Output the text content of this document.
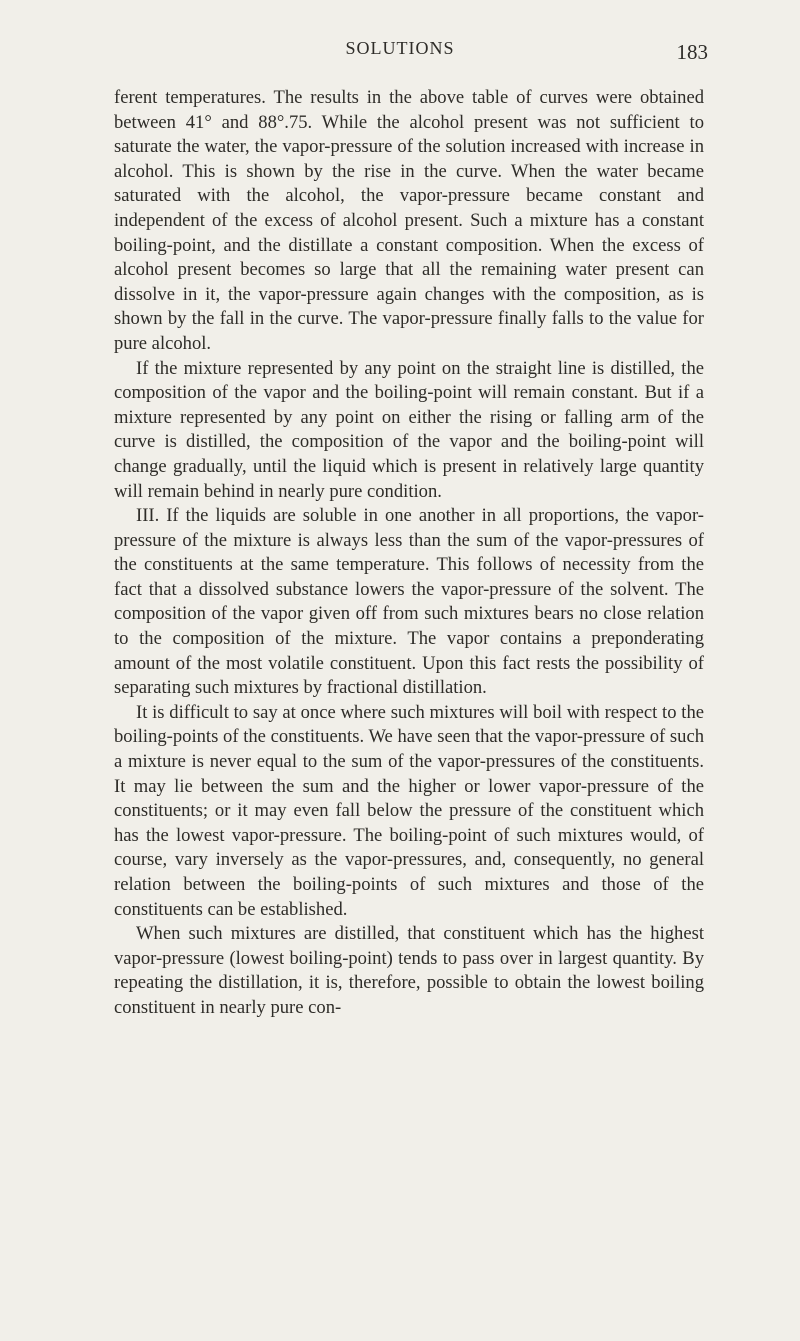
SOLUTIONS	183

ferent temperatures. The results in the above table of curves were obtained between 41° and 88°.75. While the alcohol present was not sufficient to saturate the water, the vapor-pressure of the solution increased with increase in alcohol. This is shown by the rise in the curve. When the water became saturated with the alcohol, the vapor-pressure became constant and independent of the excess of alcohol present. Such a mixture has a constant boiling-point, and the distillate a constant composition. When the excess of alcohol present becomes so large that all the remaining water present can dissolve in it, the vapor-pressure again changes with the composition, as is shown by the fall in the curve. The vapor-pressure finally falls to the value for pure alcohol.

If the mixture represented by any point on the straight line is distilled, the composition of the vapor and the boiling-point will remain constant. But if a mixture represented by any point on either the rising or falling arm of the curve is distilled, the composition of the vapor and the boiling-point will change gradually, until the liquid which is present in relatively large quantity will remain behind in nearly pure condition.

III. If the liquids are soluble in one another in all proportions, the vapor-pressure of the mixture is always less than the sum of the vapor-pressures of the constituents at the same temperature. This follows of necessity from the fact that a dissolved substance lowers the vapor-pressure of the solvent. The composition of the vapor given off from such mixtures bears no close relation to the composition of the mixture. The vapor contains a preponderating amount of the most volatile constituent. Upon this fact rests the possibility of separating such mixtures by fractional distillation.

It is difficult to say at once where such mixtures will boil with respect to the boiling-points of the constituents. We have seen that the vapor-pressure of such a mixture is never equal to the sum of the vapor-pressures of the constituents. It may lie between the sum and the higher or lower vapor-pressure of the constituents; or it may even fall below the pressure of the constituent which has the lowest vapor-pressure. The boiling-point of such mixtures would, of course, vary inversely as the vapor-pressures, and, consequently, no general relation between the boiling-points of such mixtures and those of the constituents can be established.

When such mixtures are distilled, that constituent which has the highest vapor-pressure (lowest boiling-point) tends to pass over in largest quantity. By repeating the distillation, it is, therefore, possible to obtain the lowest boiling constituent in nearly pure con-
